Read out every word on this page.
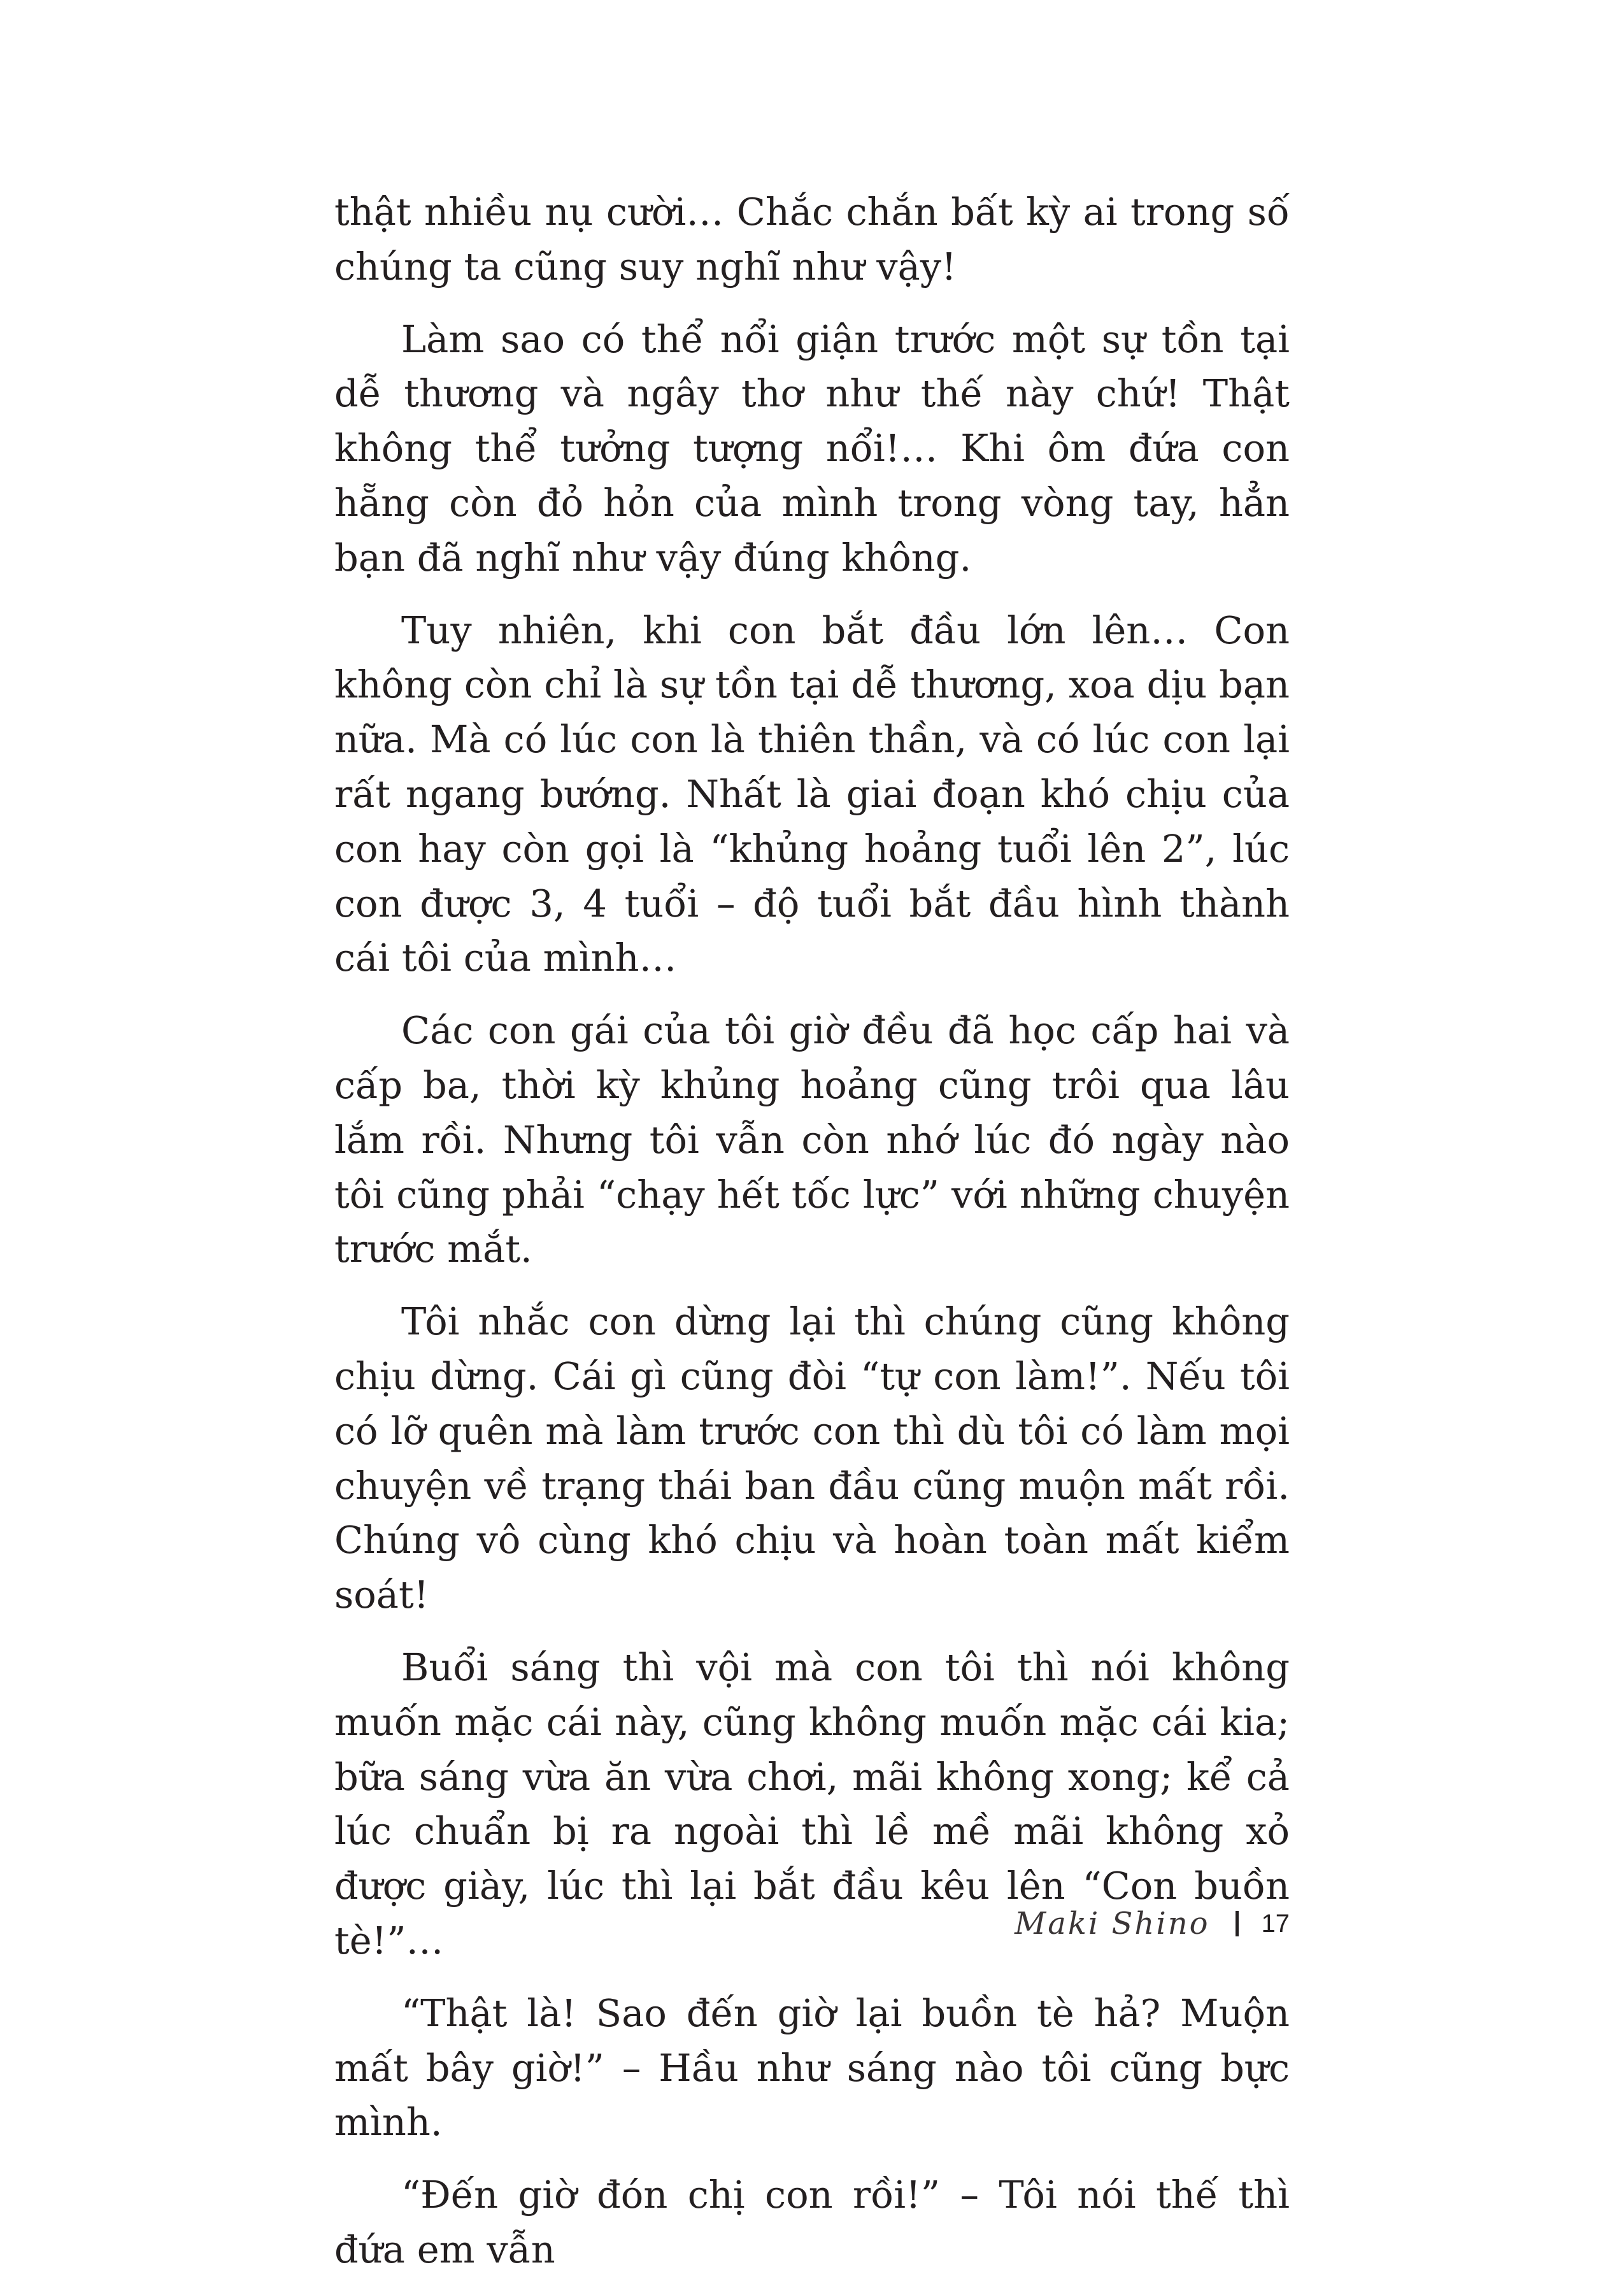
thật nhiều nụ cười… Chắc chắn bất kỳ ai trong số chúng ta cũng suy nghĩ như vậy!

Làm sao có thể nổi giận trước một sự tồn tại dễ thương và ngây thơ như thế này chứ! Thật không thể tưởng tượng nổi!… Khi ôm đứa con hẵng còn đỏ hỏn của mình trong vòng tay, hẳn bạn đã nghĩ như vậy đúng không.

Tuy nhiên, khi con bắt đầu lớn lên… Con không còn chỉ là sự tồn tại dễ thương, xoa dịu bạn nữa. Mà có lúc con là thiên thần, và có lúc con lại rất ngang bướng. Nhất là giai đoạn khó chịu của con hay còn gọi là “khủng hoảng tuổi lên 2”, lúc con được 3, 4 tuổi – độ tuổi bắt đầu hình thành cái tôi của mình…

Các con gái của tôi giờ đều đã học cấp hai và cấp ba, thời kỳ khủng hoảng cũng trôi qua lâu lắm rồi. Nhưng tôi vẫn còn nhớ lúc đó ngày nào tôi cũng phải “chạy hết tốc lực” với những chuyện trước mắt.

Tôi nhắc con dừng lại thì chúng cũng không chịu dừng. Cái gì cũng đòi “tự con làm!”. Nếu tôi có lỡ quên mà làm trước con thì dù tôi có làm mọi chuyện về trạng thái ban đầu cũng muộn mất rồi. Chúng vô cùng khó chịu và hoàn toàn mất kiểm soát!

Buổi sáng thì vội mà con tôi thì nói không muốn mặc cái này, cũng không muốn mặc cái kia; bữa sáng vừa ăn vừa chơi, mãi không xong; kể cả lúc chuẩn bị ra ngoài thì lề mề mãi không xỏ được giày, lúc thì lại bắt đầu kêu lên “Con buồn tè!”…

“Thật là! Sao đến giờ lại buồn tè hả? Muộn mất bây giờ!” – Hầu như sáng nào tôi cũng bực mình.

“Đến giờ đón chị con rồi!” – Tôi nói thế thì đứa em vẫn

Maki Shino 17
